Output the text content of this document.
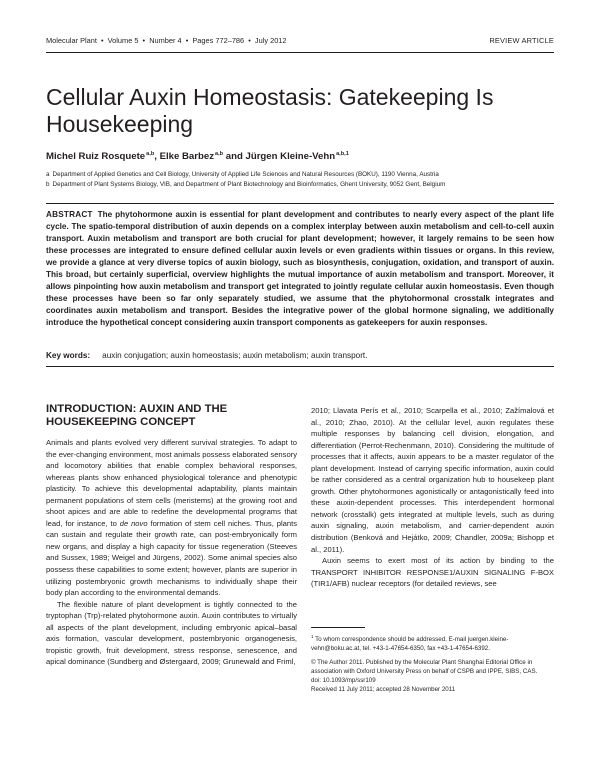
Molecular Plant • Volume 5 • Number 4 • Pages 772–786 • July 2012	REVIEW ARTICLE
Cellular Auxin Homeostasis: Gatekeeping Is Housekeeping
Michel Ruiz Rosquete$^{a,b}$, Elke Barbez$^{a,b}$ and Jürgen Kleine-Vehn$^{a,b,1}$
a Department of Applied Genetics and Cell Biology, University of Applied Life Sciences and Natural Resources (BOKU), 1190 Vienna, Austria
b Department of Plant Systems Biology, VIB, and Department of Plant Biotechnology and Bioinformatics, Ghent University, 9052 Gent, Belgium
ABSTRACT The phytohormone auxin is essential for plant development and contributes to nearly every aspect of the plant life cycle. The spatio-temporal distribution of auxin depends on a complex interplay between auxin metabolism and cell-to-cell auxin transport. Auxin metabolism and transport are both crucial for plant development; however, it largely remains to be seen how these processes are integrated to ensure defined cellular auxin levels or even gradients within tissues or organs. In this review, we provide a glance at very diverse topics of auxin biology, such as biosynthesis, conjugation, oxidation, and transport of auxin. This broad, but certainly superficial, overview highlights the mutual importance of auxin metabolism and transport. Moreover, it allows pinpointing how auxin metabolism and transport get integrated to jointly regulate cellular auxin homeostasis. Even though these processes have been so far only separately studied, we assume that the phytohormonal crosstalk integrates and coordinates auxin metabolism and transport. Besides the integrative power of the global hormone signaling, we additionally introduce the hypothetical concept considering auxin transport components as gatekeepers for auxin responses.
Key words: auxin conjugation; auxin homeostasis; auxin metabolism; auxin transport.
INTRODUCTION: AUXIN AND THE HOUSEKEEPING CONCEPT

Animals and plants evolved very different survival strategies. To adapt to the ever-changing environment, most animals possess elaborated sensory and locomotory abilities that enable complex behavioral responses, whereas plants show enhanced physiological tolerance and phenotypic plasticity. To achieve this developmental adaptability, plants maintain permanent populations of stem cells (meristems) at the growing root and shoot apices and are able to redefine the developmental programs that lead, for instance, to de novo formation of stem cell niches. Thus, plants can sustain and regulate their growth rate, can post-embryonically form new organs, and display a high capacity for tissue regeneration (Steeves and Sussex, 1989; Weigel and Jürgens, 2002). Some animal species also possess these capabilities to some extent; however, plants are superior in utilizing postembryonic growth mechanisms to individually shape their body plan according to the environmental demands.

The flexible nature of plant development is tightly connected to the tryptophan (Trp)-related phytohormone auxin. Auxin contributes to virtually all aspects of the plant development, including embryonic apical–basal axis formation, vascular development, postembryonic organogenesis, tropistic growth, fruit development, stress response, senescence, and apical dominance (Sundberg and Østergaard, 2009; Grunewald and Friml,

2010; Llavata Perís et al., 2010; Scarpella et al., 2010; Zažímalová et al., 2010; Zhao, 2010). At the cellular level, auxin regulates these multiple responses by balancing cell division, elongation, and differentiation (Perrot-Rechenmann, 2010). Considering the multitude of processes that it affects, auxin appears to be a master regulator of the plant development. Instead of carrying specific information, auxin could be rather considered as a central organization hub to housekeep plant growth. Other phytohormones agonistically or antagonistically feed into these auxin-dependent processes. This interdependent hormonal network (crosstalk) gets integrated at multiple levels, such as during auxin signaling, auxin metabolism, and carrier-dependent auxin distribution (Benková and Hejátko, 2009; Chandler, 2009a; Bishopp et al., 2011).

Auxin seems to exert most of its action by binding to the TRANSPORT INHIBITOR RESPONSE1/AUXIN SIGNALING F-BOX (TIR1/AFB) nuclear receptors (for detailed reviews, see

$^1$ To whom correspondence should be addressed. E-mail juergen.kleine-vehn@boku.ac.at, tel. +43-1-47654-6350, fax +43-1-47654-6392.

© The Author 2011. Published by the Molecular Plant Shanghai Editorial Office in association with Oxford University Press on behalf of CSPB and IPPE, SIBS, CAS.

doi: 10.1093/mp/ssr109

Received 11 July 2011; accepted 28 November 2011
